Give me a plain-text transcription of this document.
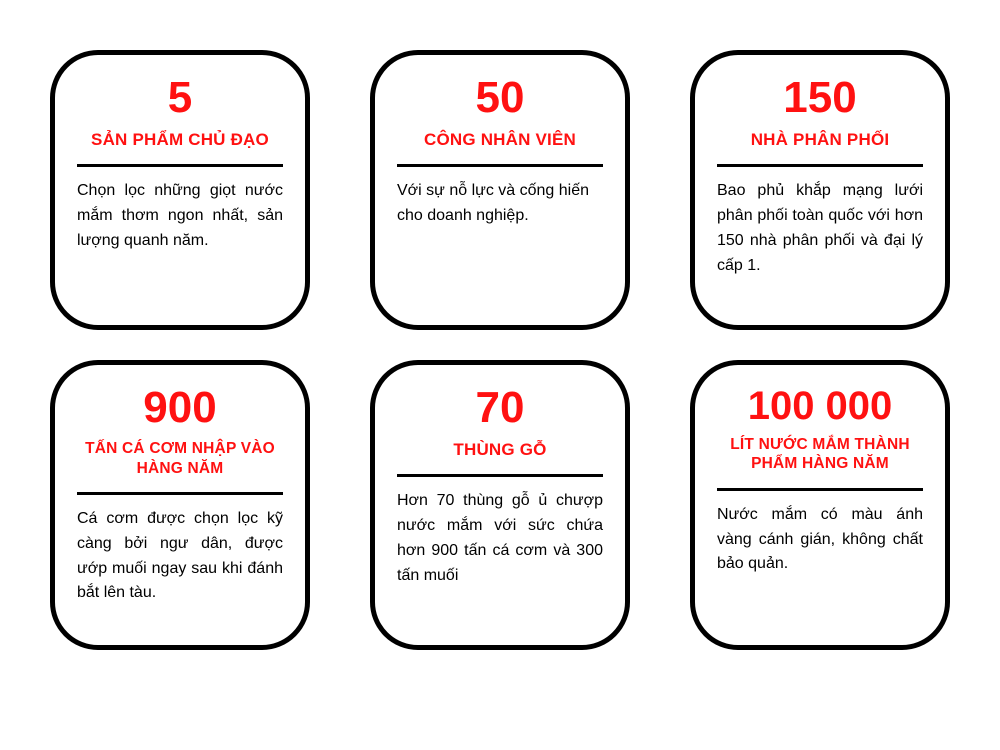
5
SẢN PHẨM CHỦ ĐẠO
Chọn lọc những giọt nước mắm thơm ngon nhất, sản lượng quanh năm.
50
CÔNG NHÂN VIÊN
Với sự nỗ lực và cống hiến cho doanh nghiệp.
150
NHÀ PHÂN PHỐI
Bao phủ khắp mạng lưới phân phối toàn quốc với hơn 150 nhà phân phối và đại lý cấp 1.
900
TẤN CÁ CƠM NHẬP VÀO HÀNG NĂM
Cá cơm được chọn lọc kỹ càng bởi ngư dân, được ướp muối ngay sau khi đánh bắt lên tàu.
70
THÙNG GỖ
Hơn 70 thùng gỗ ủ chượp nước mắm với sức chứa hơn 900 tấn cá cơm và 300 tấn muối
100 000
LÍT NƯỚC MẮM THÀNH PHẨM HÀNG NĂM
Nước mắm có màu ánh vàng cánh gián, không chất bảo quản.
